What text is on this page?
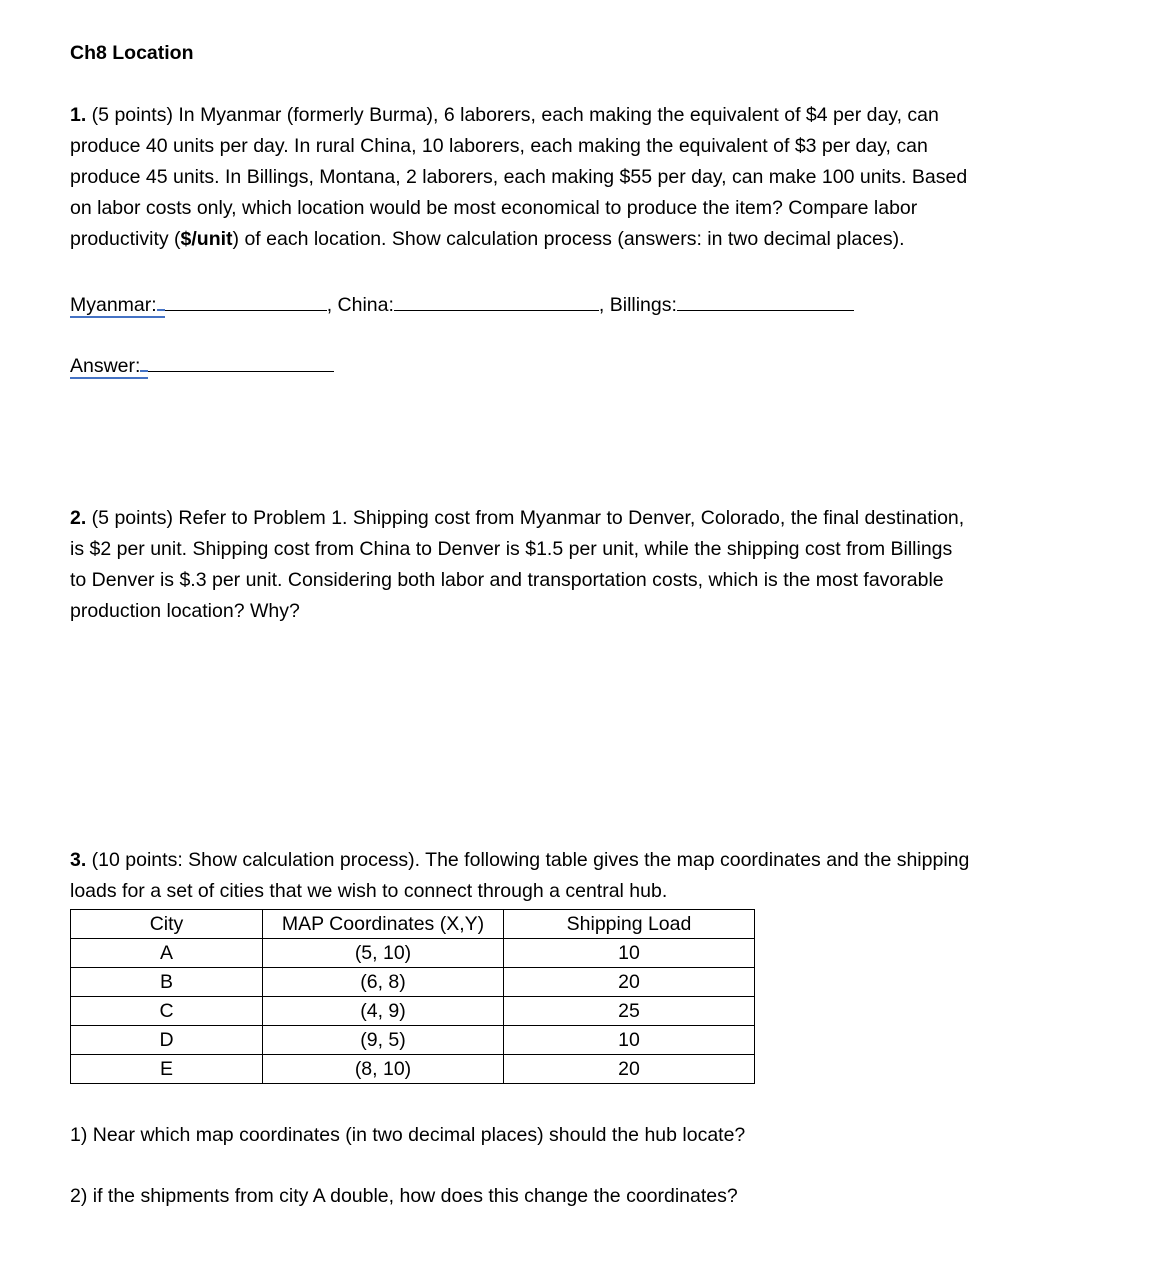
Ch8 Location
1. (5 points) In Myanmar (formerly Burma), 6 laborers, each making the equivalent of $4 per day, can
produce 40 units per day. In rural China, 10 laborers, each making the equivalent of $3 per day, can
produce 45 units. In Billings, Montana, 2 laborers, each making $55 per day, can make 100 units. Based
on labor costs only, which location would be most economical to produce the item? Compare labor
productivity ($/unit) of each location. Show calculation process (answers: in two decimal places).
Myanmar:	, China:	, Billings:
Answer:
2. (5 points) Refer to Problem 1. Shipping cost from Myanmar to Denver, Colorado, the final destination,
is $2 per unit. Shipping cost from China to Denver is $1.5 per unit, while the shipping cost from Billings
to Denver is $.3 per unit. Considering both labor and transportation costs, which is the most favorable
production location? Why?
3. (10 points: Show calculation process). The following table gives the map coordinates and the shipping
loads for a set of cities that we wish to connect through a central hub.
City	MAP Coordinates (X,Y)	Shipping Load
A	(5, 10)	10
B	(6, 8)	20
C	(4, 9)	25
D	(9, 5)	10
E	(8, 10)	20
1) Near which map coordinates (in two decimal places) should the hub locate?
2) if the shipments from city A double, how does this change the coordinates?
